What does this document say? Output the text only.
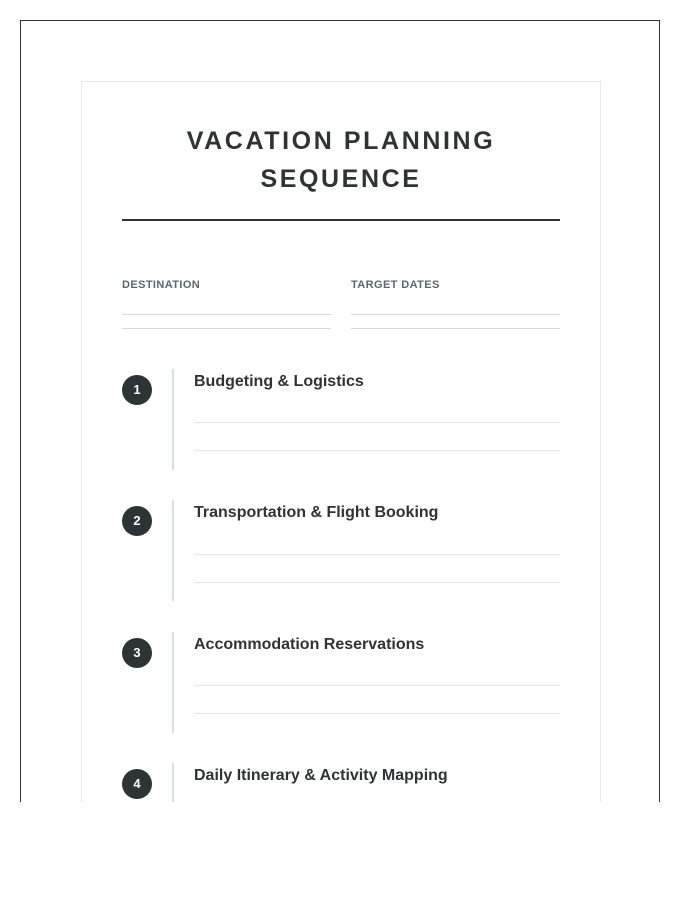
VACATION PLANNING SEQUENCE
DESTINATION	TARGET DATES
1	Budgeting & Logistics
2	Transportation & Flight Booking
3	Accommodation Reservations
4	Daily Itinerary & Activity Mapping
